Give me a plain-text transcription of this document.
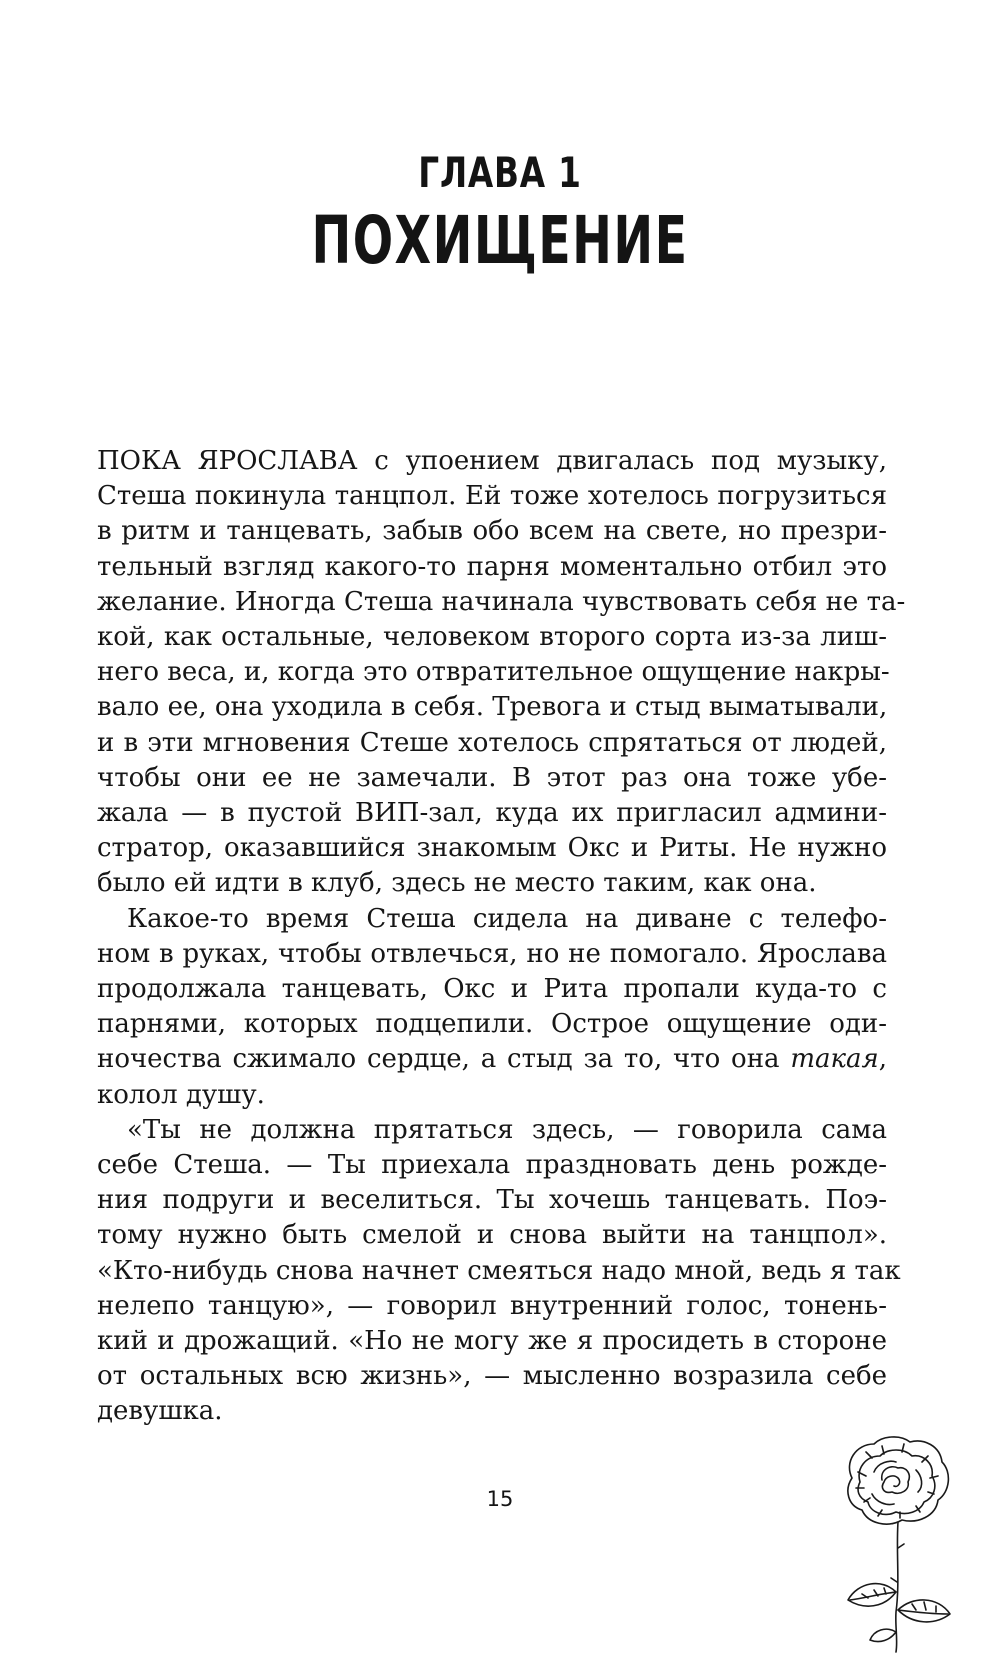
ГЛАВА 1
ПОХИЩЕНИЕ
ПОКА ЯРОСЛАВА с упоением двигалась под музыку,
Стеша покинула танцпол. Ей тоже хотелось погрузиться
в ритм и танцевать, забыв обо всем на свете, но презри-
тельный взгляд какого-то парня моментально отбил это
желание. Иногда Стеша начинала чувствовать себя не та-
кой, как остальные, человеком второго сорта из-за лиш-
него веса, и, когда это отвратительное ощущение накры-
вало ее, она уходила в себя. Тревога и стыд выматывали,
и в эти мгновения Стеше хотелось спрятаться от людей,
чтобы они ее не замечали. В этот раз она тоже убе-
жала — в пустой ВИП-зал, куда их пригласил админи-
стратор, оказавшийся знакомым Окс и Риты. Не нужно
было ей идти в клуб, здесь не место таким, как она.
Какое-то время Стеша сидела на диване с телефо-
ном в руках, чтобы отвлечься, но не помогало. Ярослава
продолжала танцевать, Окс и Рита пропали куда-то с
парнями, которых подцепили. Острое ощущение оди-
ночества сжимало сердце, а стыд за то, что она такая,
колол душу.
«Ты не должна прятаться здесь, — говорила сама
себе Стеша. — Ты приехала праздновать день рожде-
ния подруги и веселиться. Ты хочешь танцевать. Поэ-
тому нужно быть смелой и снова выйти на танцпол».
«Кто-нибудь снова начнет смеяться надо мной, ведь я так
нелепо танцую», — говорил внутренний голос, тонень-
кий и дрожащий. «Но не могу же я просидеть в стороне
от остальных всю жизнь», — мысленно возразила себе
девушка.
15
